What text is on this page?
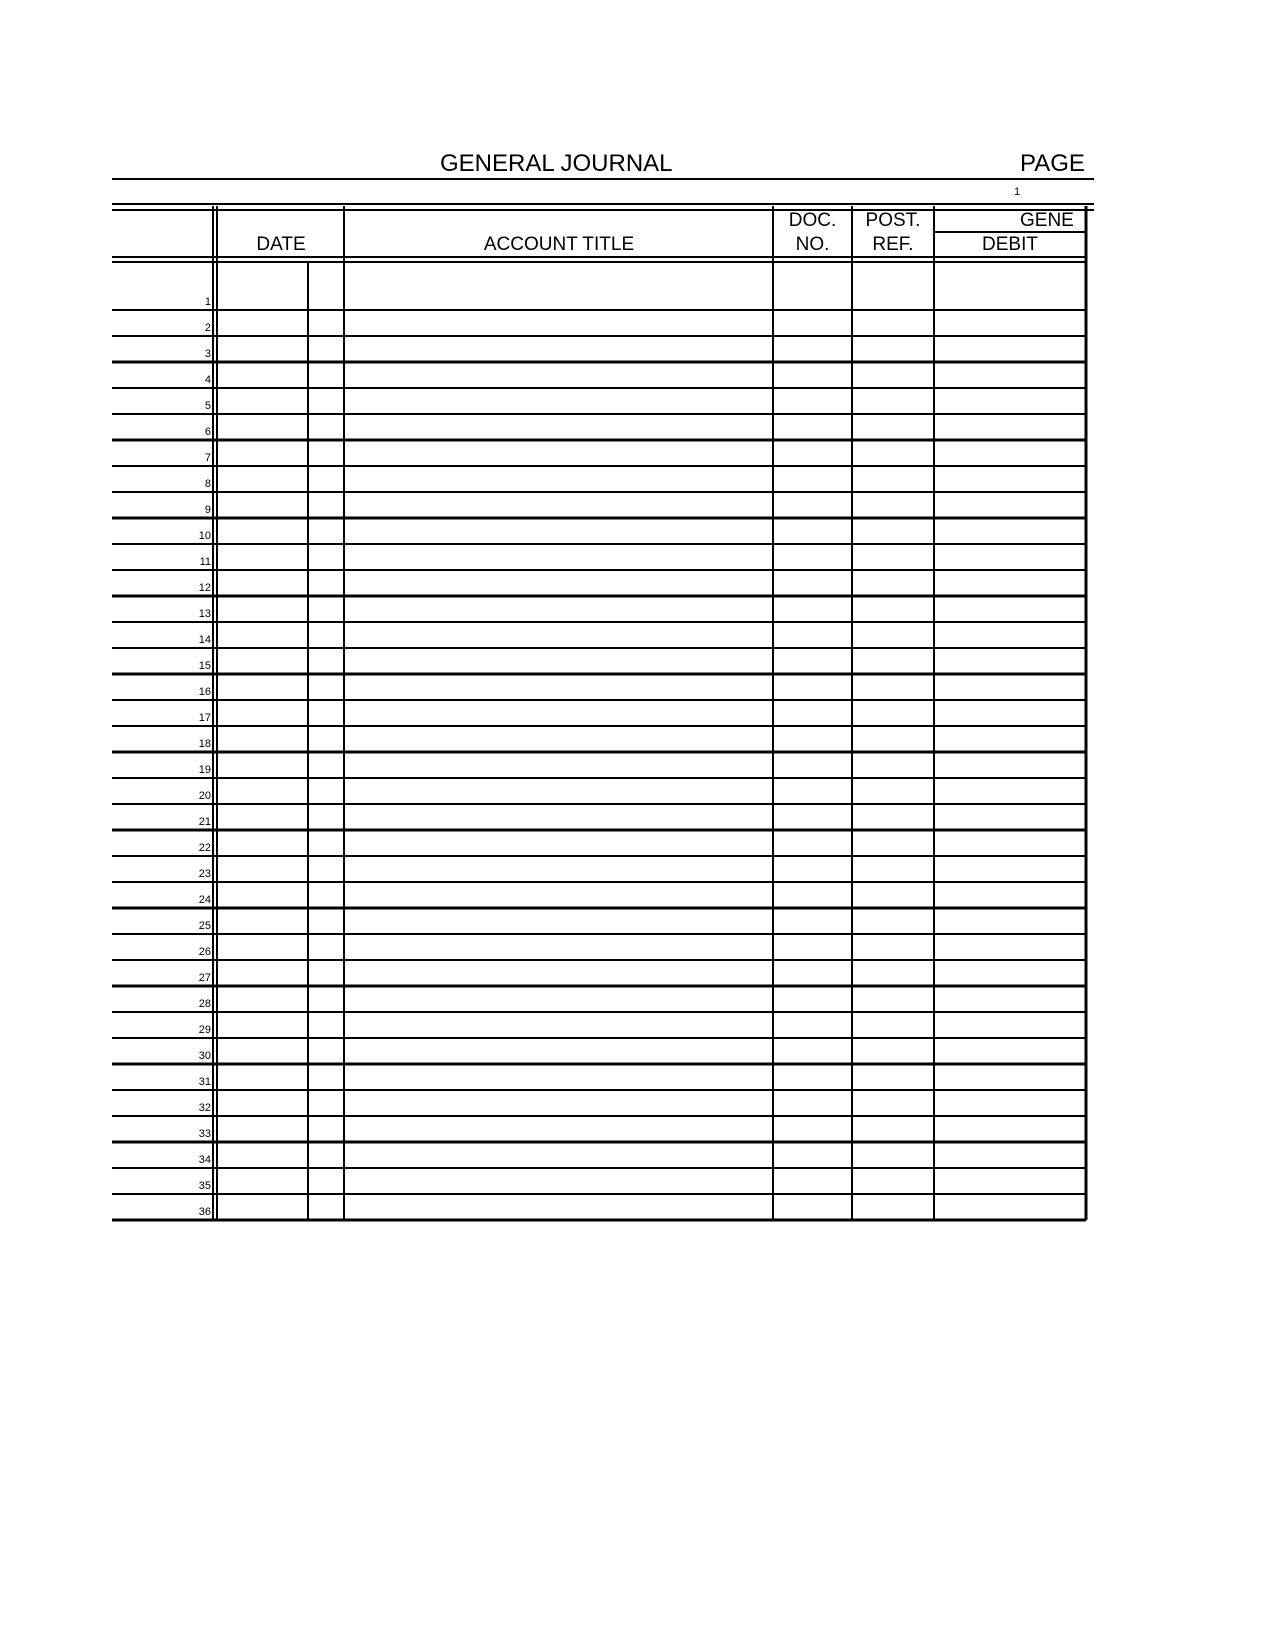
GENERAL JOURNAL	PAGE
1
DATE	ACCOUNT TITLE
DOC.
NO.
POST.
REF.
GENE
DEBIT
1
2
3
4
5
6
7
8
9
10
11
12
13
14
15
16
17
18
19
20
21
22
23
24
25
26
27
28
29
30
31
32
33
34
35
36
